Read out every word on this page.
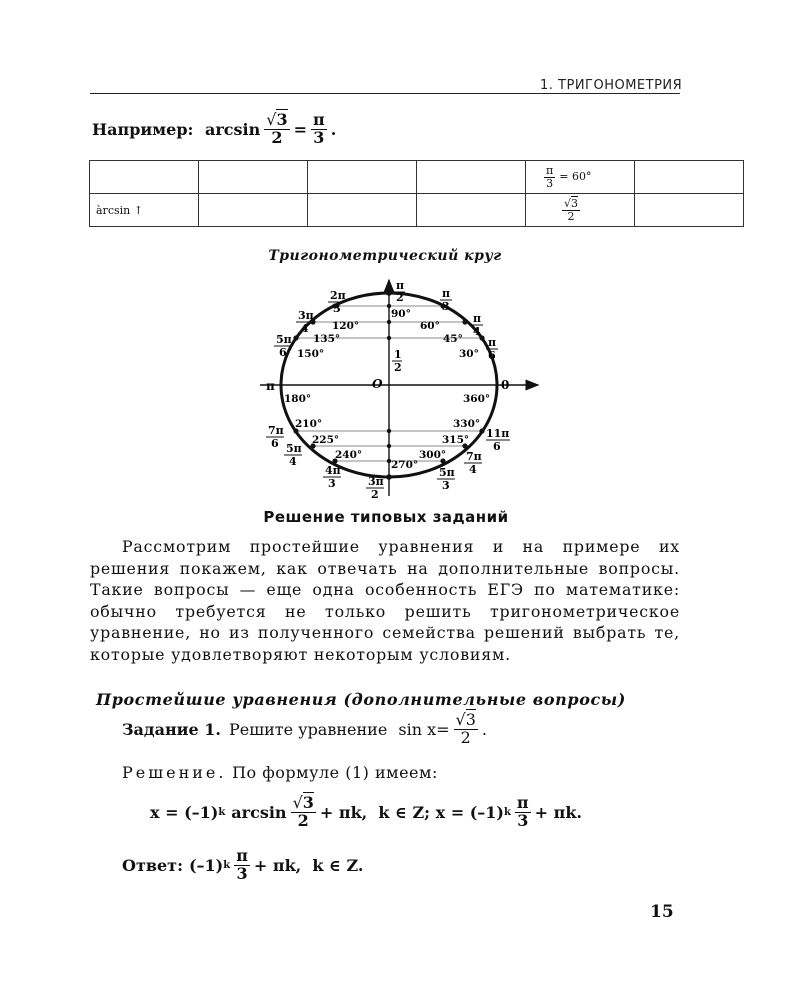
1. ТРИГОНОМЕТРИЯ
Например:
$\arcsin \frac{√3}{2} = \frac{\pi}{3}$ .

				$\frac{\pi}{3} = 60^\circ$	
àrcsin ↑				$\frac{√3}{2}$

Тригонометрический круг
π
2	π
3
π
4
π
6
2π
3
3π
4
5π
6
7π
6 5π
4
4π
3	3π
2
5π
3
7π
4
11π
6
π	0
O
1
2
90°
60°
45°
30°
120°
135°
150°
180°	360°
210°
225°
240°
270°
300°
315°
330°
Решение типовых заданий
Рассмотрим простейшие уравнения и на примере их решения покажем, как отвечать на дополнительные вопросы. Такие вопросы — еще одна особенность ЕГЭ по математике: обычно требуется не только решить тригонометрическое уравнение, но из полученного семейства решений выбрать те, которые удовлетворяют некоторым условиям.
Простейшие уравнения (дополнительные вопросы)
Задание 1. Решите уравнение
$\sin x= \frac{√3}{2}$ .
Решение. По формуле (1) имеем:
x = (–1) k $\arcsin \frac{√3}{2} + \pi k$,  k ∈ Z; x = (–1) k $\frac{\pi}{3} + \pi k$.
Ответ: (–1) k $\frac{\pi}{3} + \pi k$,  k ∈ Z.
15
